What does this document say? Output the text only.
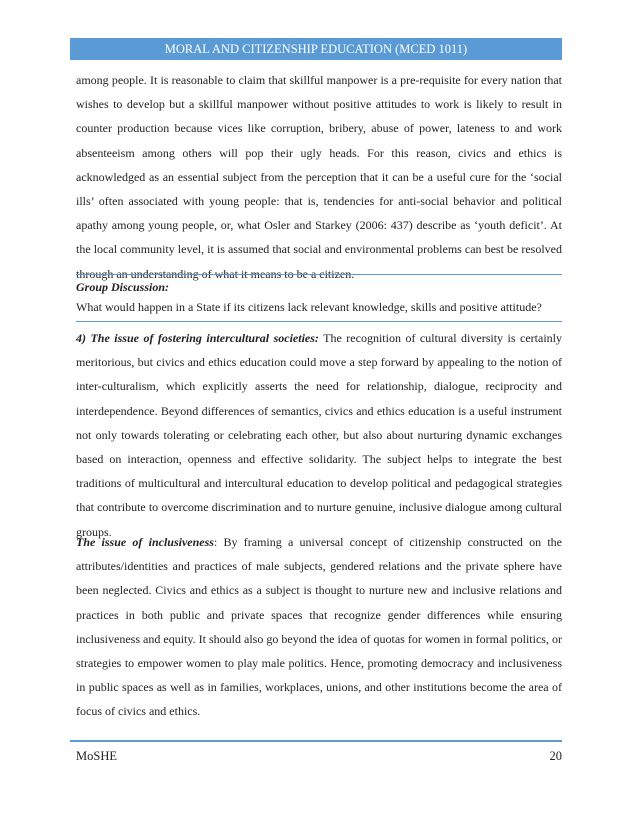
MORAL AND CITIZENSHIP EDUCATION (MCED 1011)
among people. It is reasonable to claim that skillful manpower is a pre-requisite for every nation that wishes to develop but a skillful manpower without positive attitudes to work is likely to result in counter production because vices like corruption, bribery, abuse of power, lateness to and work absenteeism among others will pop their ugly heads. For this reason, civics and ethics is acknowledged as an essential subject from the perception that it can be a useful cure for the ‘social ills’ often associated with young people: that is, tendencies for anti-social behavior and political apathy among young people, or, what Osler and Starkey (2006: 437) describe as ‘youth deficit’. At the local community level, it is assumed that social and environmental problems can best be resolved through an understanding of what it means to be a citizen.
Group Discussion:
What would happen in a State if its citizens lack relevant knowledge, skills and positive attitude?
4) The issue of fostering intercultural societies: The recognition of cultural diversity is certainly meritorious, but civics and ethics education could move a step forward by appealing to the notion of inter-culturalism, which explicitly asserts the need for relationship, dialogue, reciprocity and interdependence. Beyond differences of semantics, civics and ethics education is a useful instrument not only towards tolerating or celebrating each other, but also about nurturing dynamic exchanges based on interaction, openness and effective solidarity. The subject helps to integrate the best traditions of multicultural and intercultural education to develop political and pedagogical strategies that contribute to overcome discrimination and to nurture genuine, inclusive dialogue among cultural groups.
The issue of inclusiveness: By framing a universal concept of citizenship constructed on the attributes/identities and practices of male subjects, gendered relations and the private sphere have been neglected. Civics and ethics as a subject is thought to nurture new and inclusive relations and practices in both public and private spaces that recognize gender differences while ensuring inclusiveness and equity. It should also go beyond the idea of quotas for women in formal politics, or strategies to empower women to play male politics. Hence, promoting democracy and inclusiveness in public spaces as well as in families, workplaces, unions, and other institutions become the area of focus of civics and ethics.
MoSHE	20
